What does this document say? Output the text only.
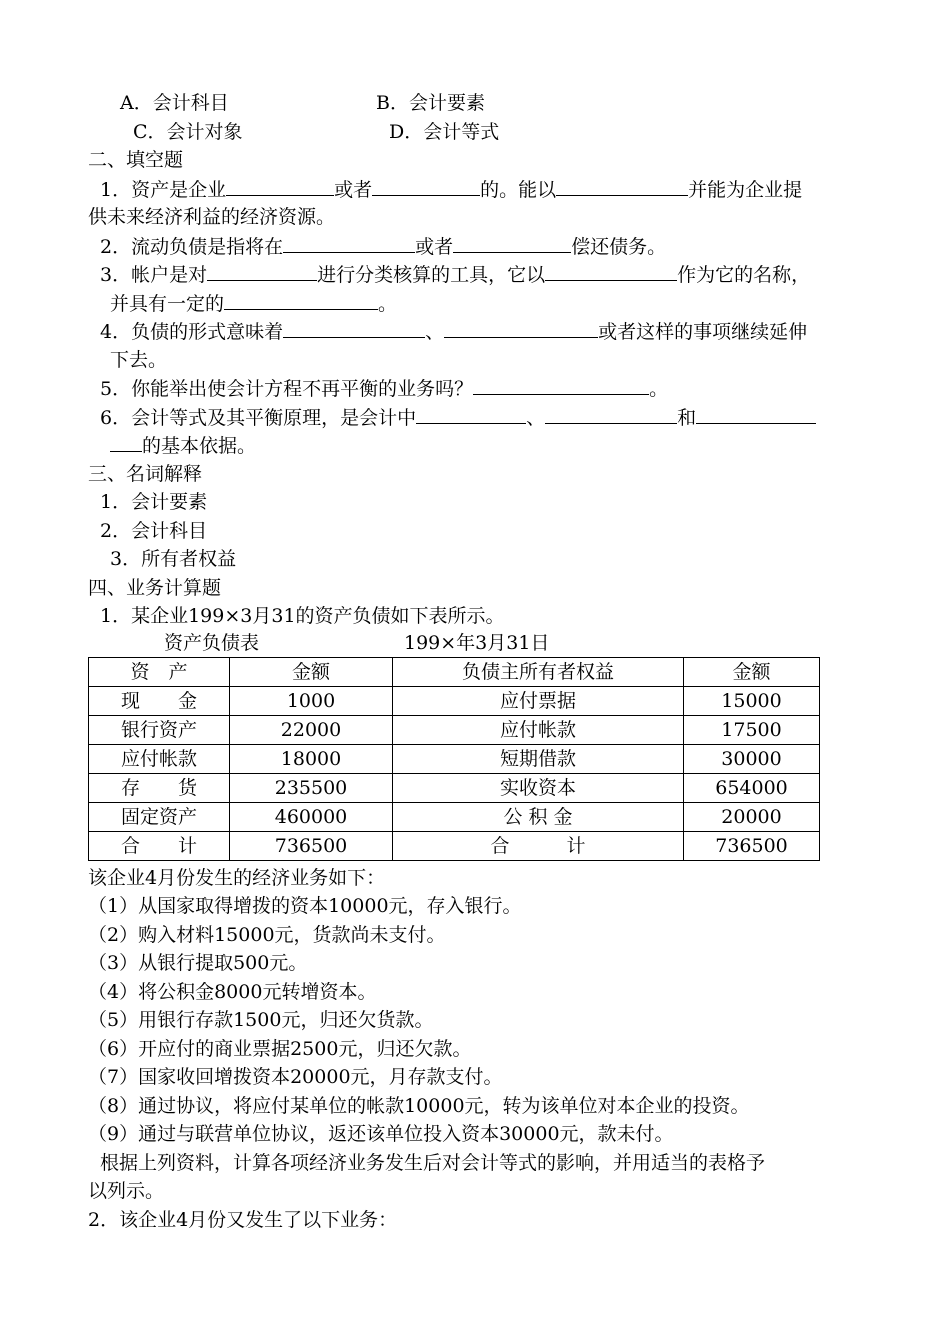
A．会计科目	B．会计要素
C．会计对象	D．会计等式
二、填空题
1．资产是企业	或者	的。能以	并能为企业提
供未来经济利益的经济资源。
2．流动负债是指将在	或者	偿还债务。
3．帐户是对	进行分类核算的工具，它以	作为它的名称，
并具有一定的	。
4．负债的形式意味着	、	或者这样的事项继续延伸
下去。
5．你能举出使会计方程不再平衡的业务吗？	。
6．会计等式及其平衡原理，是会计中	、	和
的基本依据。
三、名词解释
1．会计要素
2．会计科目
3．所有者权益
四、业务计算题
1．某企业199×3月31的资产负债如下表所示。
资产负债表	199×年3月31日
资　产	金额	负债主所有者权益	金额
现　　金	1000	应付票据	15000
银行资产	22000	应付帐款	17500
应付帐款	18000	短期借款	30000
存　　货	235500	实收资本	654000
固定资产	460000	公 积 金	20000
合　　计	736500	合　　　计	736500
该企业4月份发生的经济业务如下：
（1）从国家取得增拨的资本10000元，存入银行。
（2）购入材料15000元，货款尚未支付。
（3）从银行提取500元。
（4）将公积金8000元转增资本。
（5）用银行存款1500元，归还欠货款。
（6）开应付的商业票据2500元，归还欠款。
（7）国家收回增拨资本20000元，月存款支付。
（8）通过协议，将应付某单位的帐款10000元，转为该单位对本企业的投资。
（9）通过与联营单位协议，返还该单位投入资本30000元，款未付。
根据上列资料，计算各项经济业务发生后对会计等式的影响，并用适当的表格予
以列示。
2．该企业4月份又发生了以下业务：
